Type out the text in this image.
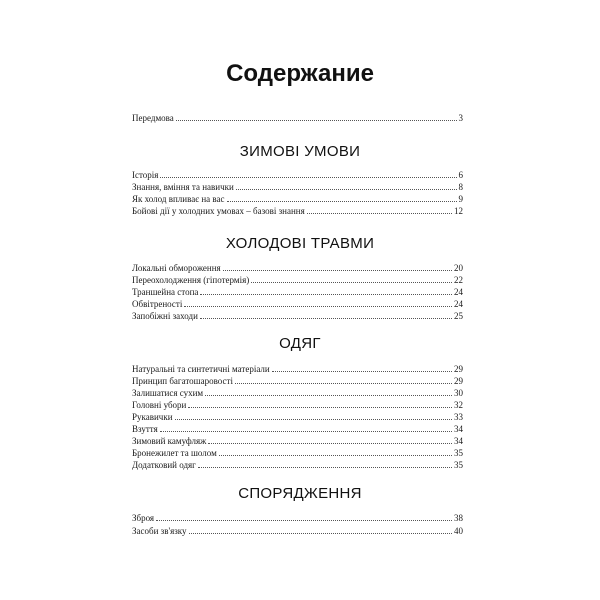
Содержание
Передмова	3
ЗИМОВІ УМОВИ
Історія	6
Знання, вміння та навички	8
Як холод впливає на вас	9
Бойові дії у холодних умовах – базові знання	12
ХОЛОДОВІ ТРАВМИ
Локальні обмороження	20
Переохолодження (гіпотермія)	22
Траншейна стопа	24
Обвітреності	24
Запобіжні заходи	25
ОДЯГ
Натуральні та синтетичні матеріали	29
Принцип багатошаровості	29
Залишатися сухим	30
Головні убори	32
Рукавички	33
Взуття	34
Зимовий камуфляж	34
Бронежилет та шолом	35
Додатковий одяг	35
СПОРЯДЖЕННЯ
Зброя	38
Засоби зв'язку	40
